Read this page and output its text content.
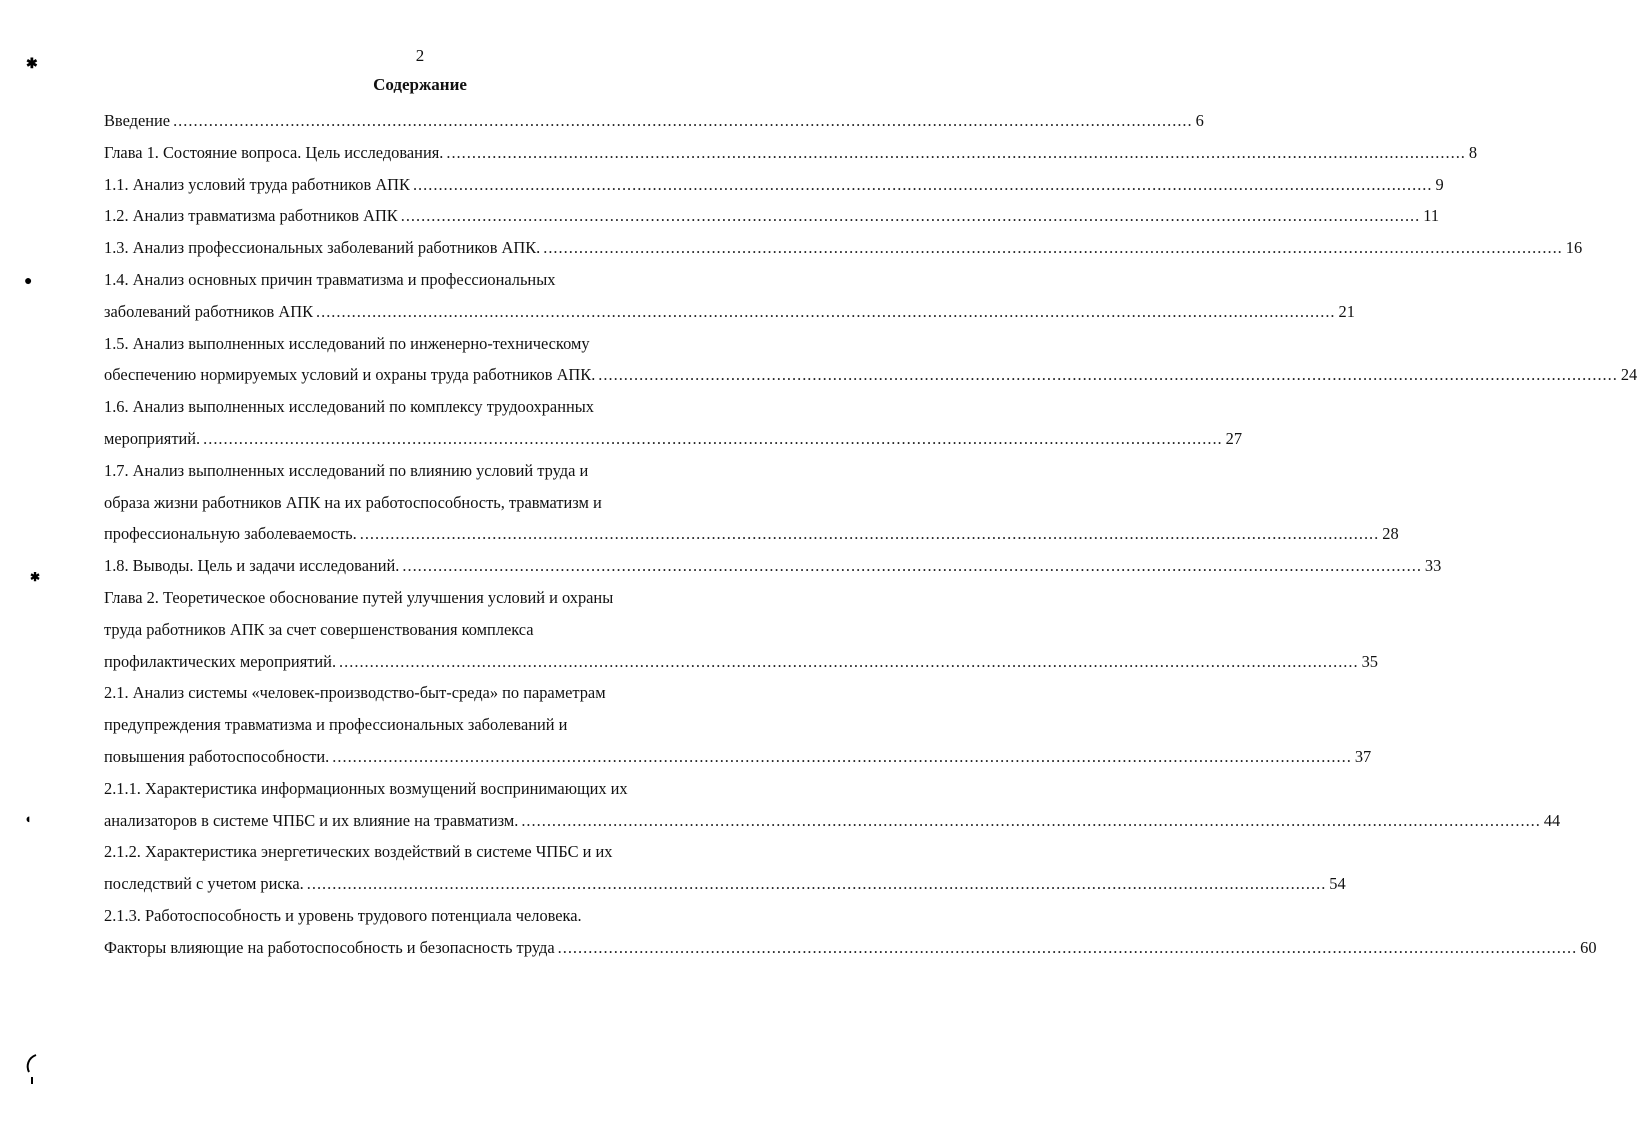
2
Содержание
Введение ........................................................................................................................................................................................................ 6
Глава 1. Состояние вопроса. Цель исследования. ........................................................................................................................................................................................................ 8
1.1. Анализ условий труда работников АПК ........................................................................................................................................................................................................ 9
1.2. Анализ травматизма работников АПК ........................................................................................................................................................................................................ 11
1.3. Анализ профессиональных заболеваний работников АПК. ........................................................................................................................................................................................................ 16
1.4. Анализ основных причин травматизма и профессиональных
заболеваний работников АПК ........................................................................................................................................................................................................ 21
1.5. Анализ выполненных исследований по инженерно-техническому
обеспечению нормируемых условий и охраны труда работников АПК. ........................................................................................................................................................................................................ 24
1.6. Анализ выполненных исследований по комплексу трудоохранных
мероприятий. ........................................................................................................................................................................................................ 27
1.7. Анализ выполненных исследований по влиянию условий труда и
образа жизни работников АПК на их работоспособность, травматизм и
профессиональную заболеваемость. ........................................................................................................................................................................................................ 28
1.8. Выводы. Цель и задачи исследований. ........................................................................................................................................................................................................ 33
Глава 2. Теоретическое обоснование путей улучшения условий и охраны
труда работников АПК за счет совершенствования комплекса
профилактических мероприятий. ........................................................................................................................................................................................................ 35
2.1. Анализ системы «человек-производство-быт-среда» по параметрам
предупреждения травматизма и профессиональных заболеваний и
повышения работоспособности. ........................................................................................................................................................................................................ 37
2.1.1. Характеристика информационных возмущений воспринимающих их
анализаторов в системе ЧПБС и их влияние на травматизм. ........................................................................................................................................................................................................ 44
2.1.2. Характеристика энергетических воздействий в системе ЧПБС и их
последствий с учетом риска. ........................................................................................................................................................................................................ 54
2.1.3. Работоспособность и уровень трудового потенциала человека.
Факторы влияющие на работоспособность и безопасность труда ........................................................................................................................................................................................................ 60
✱
●
✱
◖
